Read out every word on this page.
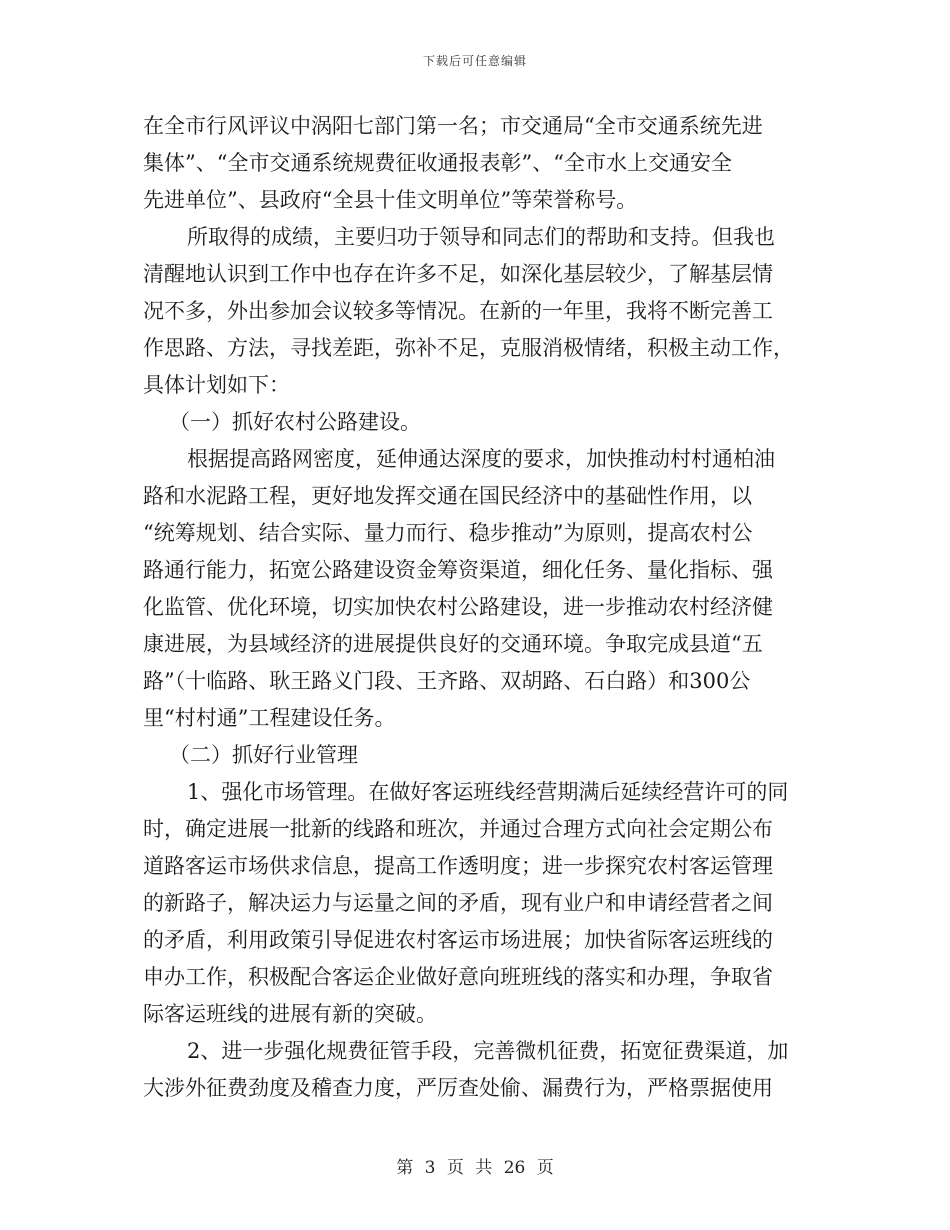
下载后可任意编辑
在全市行风评议中涡阳七部门第一名；市交通局“全市交通系统先进
集体”、“全市交通系统规费征收通报表彰”、“全市水上交通安全
先进单位”、县政府“全县十佳文明单位”等荣誉称号。
所取得的成绩，主要归功于领导和同志们的帮助和支持。但我也
清醒地认识到工作中也存在许多不足，如深化基层较少，了解基层情
况不多，外出参加会议较多等情况。在新的一年里，我将不断完善工
作思路、方法，寻找差距，弥补不足，克服消极情绪，积极主动工作，
具体计划如下：
（一）抓好农村公路建设。
根据提高路网密度，延伸通达深度的要求，加快推动村村通柏油
路和水泥路工程，更好地发挥交通在国民经济中的基础性作用，以
“统筹规划、结合实际、量力而行、稳步推动”为原则，提高农村公
路通行能力，拓宽公路建设资金筹资渠道，细化任务、量化指标、强
化监管、优化环境，切实加快农村公路建设，进一步推动农村经济健
康进展，为县域经济的进展提供良好的交通环境。争取完成县道“五
路”（十临路、耿王路义门段、王齐路、双胡路、石白路）和300公
里“村村通”工程建设任务。
（二）抓好行业管理
1、强化市场管理。在做好客运班线经营期满后延续经营许可的同
时，确定进展一批新的线路和班次，并通过合理方式向社会定期公布
道路客运市场供求信息，提高工作透明度；进一步探究农村客运管理
的新路子，解决运力与运量之间的矛盾，现有业户和申请经营者之间
的矛盾，利用政策引导促进农村客运市场进展；加快省际客运班线的
申办工作，积极配合客运企业做好意向班班线的落实和办理，争取省
际客运班线的进展有新的突破。
2、进一步强化规费征管手段，完善微机征费，拓宽征费渠道，加
大涉外征费劲度及稽查力度，严厉查处偷、漏费行为，严格票据使用
第 3 页 共 26 页
